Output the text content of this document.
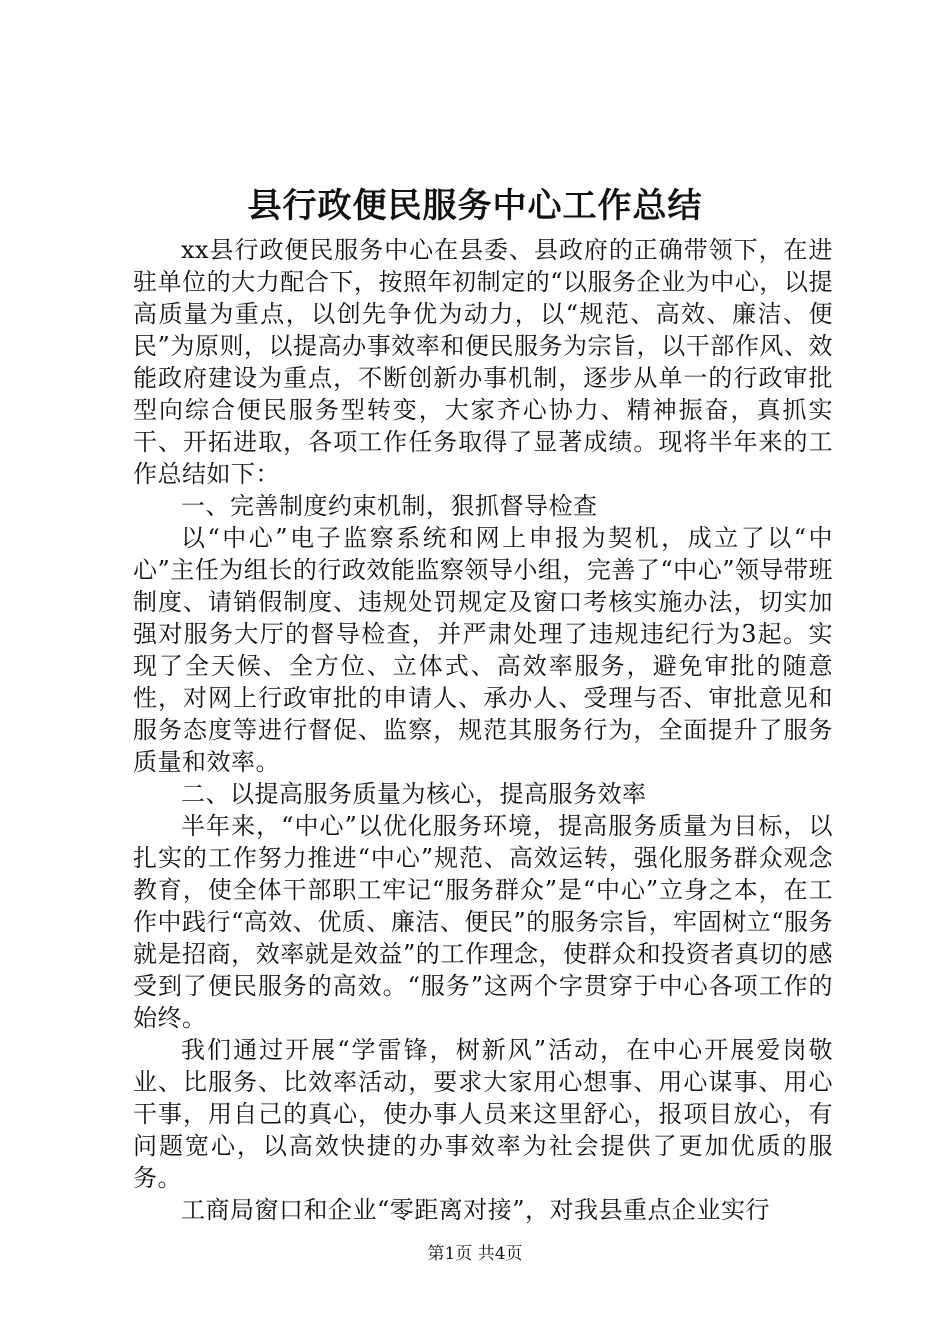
县行政便民服务中心工作总结

xx县行政便民服务中心在县委、县政府的正确带领下，在进驻单位的大力配合下，按照年初制定的“以服务企业为中心，以提高质量为重点，以创先争优为动力，以“规范、高效、廉洁、便民”为原则，以提高办事效率和便民服务为宗旨，以干部作风、效能政府建设为重点，不断创新办事机制，逐步从单一的行政审批型向综合便民服务型转变，大家齐心协力、精神振奋，真抓实干、开拓进取，各项工作任务取得了显著成绩。现将半年来的工作总结如下：

一、完善制度约束机制，狠抓督导检查

以“中心”电子监察系统和网上申报为契机，成立了以“中心”主任为组长的行政效能监察领导小组，完善了“中心”领导带班制度、请销假制度、违规处罚规定及窗口考核实施办法，切实加强对服务大厅的督导检查，并严肃处理了违规违纪行为3起。实现了全天候、全方位、立体式、高效率服务，避免审批的随意性，对网上行政审批的申请人、承办人、受理与否、审批意见和服务态度等进行督促、监察，规范其服务行为，全面提升了服务质量和效率。

二、以提高服务质量为核心，提高服务效率

半年来，“中心”以优化服务环境，提高服务质量为目标，以扎实的工作努力推进“中心”规范、高效运转，强化服务群众观念教育，使全体干部职工牢记“服务群众”是“中心”立身之本，在工作中践行“高效、优质、廉洁、便民”的服务宗旨，牢固树立“服务就是招商，效率就是效益”的工作理念，使群众和投资者真切的感受到了便民服务的高效。“服务”这两个字贯穿于中心各项工作的始终。

我们通过开展“学雷锋，树新风”活动，在中心开展爱岗敬业、比服务、比效率活动，要求大家用心想事、用心谋事、用心干事，用自己的真心，使办事人员来这里舒心，报项目放心，有问题宽心，以高效快捷的办事效率为社会提供了更加优质的服务。

工商局窗口和企业“零距离对接”，对我县重点企业实行

第1页 共4页
